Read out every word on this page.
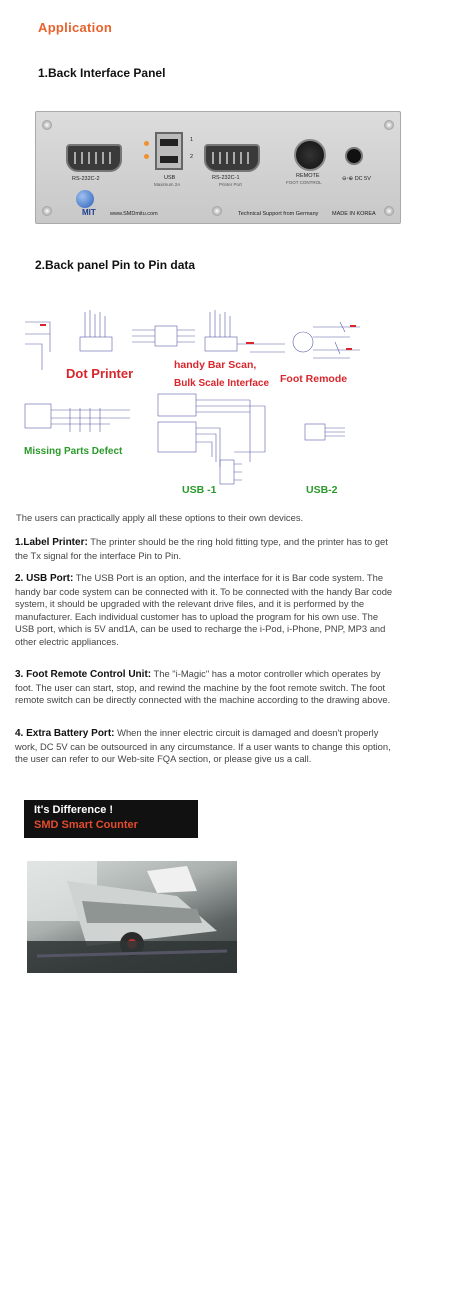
Application
1.Back Interface Panel
RS-232C-2
1
2
USB
Maximum 2A
RS-232C-1
Printer Port
REMOTE
FOOT CONTROL
⊖◦⊕ DC 5V
MIT	www.SMDmitu.com	Technical Support from Germany MADE IN KOREA
2.Back panel Pin to Pin data
Dot Printer
handy Bar Scan,
Bulk Scale Interface Foot Remode
Missing Parts Defect
USB -1	USB-2
The users can practically apply all these options to their own devices.
1.Label Printer: The printer should be the ring hold fitting type, and the printer has to get the Tx signal for the interface Pin to Pin.
2. USB Port: The USB Port is an option, and the interface for it is Bar code system. The handy bar code system can be connected with it. To be connected with the handy Bar code system, it should be upgraded with the relevant drive files, and it is performed by the manufacturer. Each individual customer has to upload the program for his own use. The USB port, which is 5V and1A, can be used to recharge the i-Pod, i-Phone, PNP, MP3 and other electric appliances.
3. Foot Remote Control Unit: The "i-Magic" has a motor controller which operates by foot. The user can start, stop, and rewind the machine by the foot remote switch. The foot remote switch can be directly connected with the machine according to the drawing above.
4. Extra Battery Port: When the inner electric circuit is damaged and doesn't properly work, DC 5V can be outsourced in any circumstance. If a user wants to change this option, the user can refer to our Web-site FQA section, or please give us a call.
It's Difference !
SMD Smart Counter
